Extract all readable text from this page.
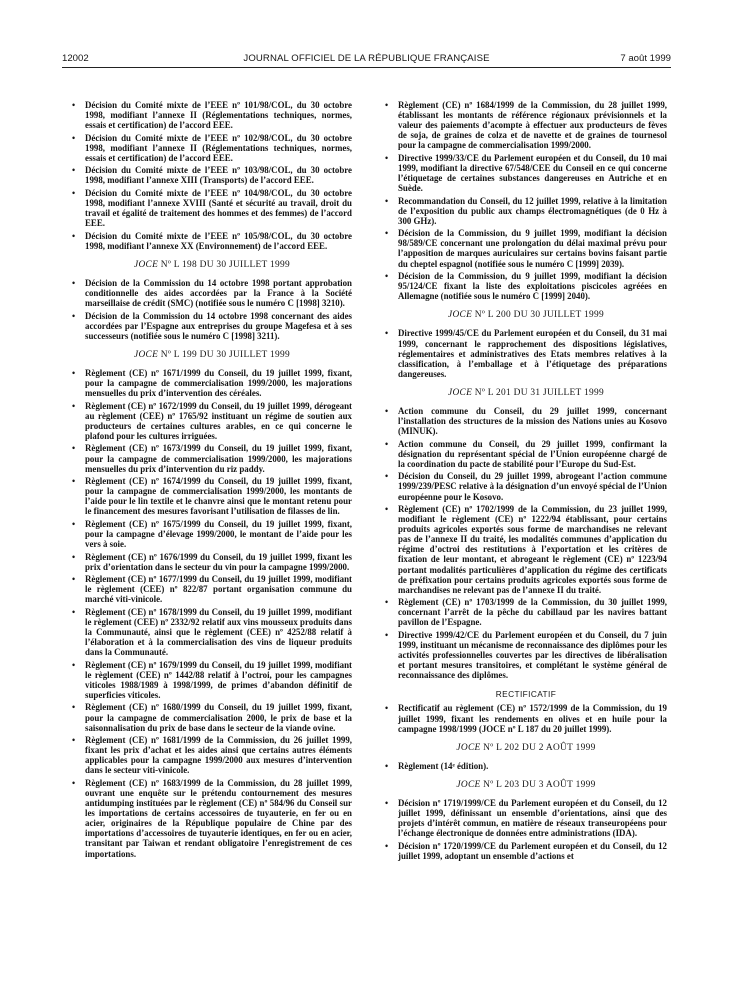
12002	JOURNAL OFFICIEL DE LA RÉPUBLIQUE FRANÇAISE	7 août 1999
• Décision du Comité mixte de l’EEE nº 101/98/COL, du 30 octobre 1998, modifiant l’annexe II (Réglementations techniques, normes, essais et certification) de l’accord EEE.
• Décision du Comité mixte de l’EEE nº 102/98/COL, du 30 octobre 1998, modifiant l’annexe II (Réglementations techniques, normes, essais et certification) de l’accord EEE.
• Décision du Comité mixte de l’EEE nº 103/98/COL, du 30 octobre 1998, modifiant l’annexe XIII (Transports) de l’accord EEE.
• Décision du Comité mixte de l’EEE nº 104/98/COL, du 30 octobre 1998, modifiant l’annexe XVIII (Santé et sécurité au travail, droit du travail et égalité de traitement des hommes et des femmes) de l’accord EEE.
• Décision du Comité mixte de l’EEE nº 105/98/COL, du 30 octobre 1998, modifiant l’annexe XX (Environnement) de l’accord EEE.
JOCE Nº L 198 DU 30 JUILLET 1999
• Décision de la Commission du 14 octobre 1998 portant approbation conditionnelle des aides accordées par la France à la Société marseillaise de crédit (SMC) (notifiée sous le numéro C [1998] 3210).
• Décision de la Commission du 14 octobre 1998 concernant des aides accordées par l’Espagne aux entreprises du groupe Magefesa et à ses successeurs (notifiée sous le numéro C [1998] 3211).
JOCE Nº L 199 DU 30 JUILLET 1999
• Règlement (CE) nº 1671/1999 du Conseil, du 19 juillet 1999, fixant, pour la campagne de commercialisation 1999/2000, les majorations mensuelles du prix d’intervention des céréales.
• Règlement (CE) nº 1672/1999 du Conseil, du 19 juillet 1999, dérogeant au règlement (CEE) nº 1765/92 instituant un régime de soutien aux producteurs de certaines cultures arables, en ce qui concerne le plafond pour les cultures irriguées.
• Règlement (CE) nº 1673/1999 du Conseil, du 19 juillet 1999, fixant, pour la campagne de commercialisation 1999/2000, les majorations mensuelles du prix d’intervention du riz paddy.
• Règlement (CE) nº 1674/1999 du Conseil, du 19 juillet 1999, fixant, pour la campagne de commercialisation 1999/2000, les montants de l’aide pour le lin textile et le chanvre ainsi que le montant retenu pour le financement des mesures favorisant l’utilisation de filasses de lin.
• Règlement (CE) nº 1675/1999 du Conseil, du 19 juillet 1999, fixant, pour la campagne d’élevage 1999/2000, le montant de l’aide pour les vers à soie.
• Règlement (CE) nº 1676/1999 du Conseil, du 19 juillet 1999, fixant les prix d’orientation dans le secteur du vin pour la campagne 1999/2000.
• Règlement (CE) nº 1677/1999 du Conseil, du 19 juillet 1999, modifiant le règlement (CEE) nº 822/87 portant organisation commune du marché viti-vinicole.
• Règlement (CE) nº 1678/1999 du Conseil, du 19 juillet 1999, modifiant le règlement (CEE) nº 2332/92 relatif aux vins mousseux produits dans la Communauté, ainsi que le règlement (CEE) nº 4252/88 relatif à l’élaboration et à la commercialisation des vins de liqueur produits dans la Communauté.
• Règlement (CE) nº 1679/1999 du Conseil, du 19 juillet 1999, modifiant le règlement (CEE) nº 1442/88 relatif à l’octroi, pour les campagnes viticoles 1988/1989 à 1998/1999, de primes d’abandon définitif de superficies viticoles.
• Règlement (CE) nº 1680/1999 du Conseil, du 19 juillet 1999, fixant, pour la campagne de commercialisation 2000, le prix de base et la saisonnalisation du prix de base dans le secteur de la viande ovine.
• Règlement (CE) nº 1681/1999 de la Commission, du 26 juillet 1999, fixant les prix d’achat et les aides ainsi que certains autres éléments applicables pour la campagne 1999/2000 aux mesures d’intervention dans le secteur viti-vinicole.
• Règlement (CE) nº 1683/1999 de la Commission, du 28 juillet 1999, ouvrant une enquête sur le prétendu contournement des mesures antidumping instituées par le règlement (CE) nº 584/96 du Conseil sur les importations de certains accessoires de tuyauterie, en fer ou en acier, originaires de la République populaire de Chine par des importations d’accessoires de tuyauterie identiques, en fer ou en acier, transitant par Taiwan et rendant obligatoire l’enregistrement de ces importations.
• Règlement (CE) nº 1684/1999 de la Commission, du 28 juillet 1999, établissant les montants de référence régionaux prévisionnels et la valeur des paiements d’acompte à effectuer aux producteurs de fèves de soja, de graines de colza et de navette et de graines de tournesol pour la campagne de commercialisation 1999/2000.
• Directive 1999/33/CE du Parlement européen et du Conseil, du 10 mai 1999, modifiant la directive 67/548/CEE du Conseil en ce qui concerne l’étiquetage de certaines substances dangereuses en Autriche et en Suède.
• Recommandation du Conseil, du 12 juillet 1999, relative à la limitation de l’exposition du public aux champs électromagnétiques (de 0 Hz à 300 GHz).
• Décision de la Commission, du 9 juillet 1999, modifiant la décision 98/589/CE concernant une prolongation du délai maximal prévu pour l’apposition de marques auriculaires sur certains bovins faisant partie du cheptel espagnol (notifiée sous le numéro C [1999] 2039).
• Décision de la Commission, du 9 juillet 1999, modifiant la décision 95/124/CE fixant la liste des exploitations piscicoles agréées en Allemagne (notifiée sous le numéro C [1999] 2040).
JOCE Nº L 200 DU 30 JUILLET 1999
• Directive 1999/45/CE du Parlement européen et du Conseil, du 31 mai 1999, concernant le rapprochement des dispositions législatives, réglementaires et administratives des Etats membres relatives à la classification, à l’emballage et à l’étiquetage des préparations dangereuses.
JOCE Nº L 201 DU 31 JUILLET 1999
• Action commune du Conseil, du 29 juillet 1999, concernant l’installation des structures de la mission des Nations unies au Kosovo (MINUK).
• Action commune du Conseil, du 29 juillet 1999, confirmant la désignation du représentant spécial de l’Union européenne chargé de la coordination du pacte de stabilité pour l’Europe du Sud-Est.
• Décision du Conseil, du 29 juillet 1999, abrogeant l’action commune 1999/239/PESC relative à la désignation d’un envoyé spécial de l’Union européenne pour le Kosovo.
• Règlement (CE) nº 1702/1999 de la Commission, du 23 juillet 1999, modifiant le règlement (CE) nº 1222/94 établissant, pour certains produits agricoles exportés sous forme de marchandises ne relevant pas de l’annexe II du traité, les modalités communes d’application du régime d’octroi des restitutions à l’exportation et les critères de fixation de leur montant, et abrogeant le règlement (CE) nº 1223/94 portant modalités particulières d’application du régime des certificats de préfixation pour certains produits agricoles exportés sous forme de marchandises ne relevant pas de l’annexe II du traité.
• Règlement (CE) nº 1703/1999 de la Commission, du 30 juillet 1999, concernant l’arrêt de la pêche du cabillaud par les navires battant pavillon de l’Espagne.
• Directive 1999/42/CE du Parlement européen et du Conseil, du 7 juin 1999, instituant un mécanisme de reconnaissance des diplômes pour les activités professionnelles couvertes par les directives de libéralisation et portant mesures transitoires, et complétant le système général de reconnaissance des diplômes.
RECTIFICATIF
• Rectificatif au règlement (CE) nº 1572/1999 de la Commission, du 19 juillet 1999, fixant les rendements en olives et en huile pour la campagne 1998/1999 (JOCE nº L 187 du 20 juillet 1999).
JOCE Nº L 202 DU 2 AOÛT 1999
• Règlement (14ᵉ édition).
JOCE Nº L 203 DU 3 AOÛT 1999
• Décision nº 1719/1999/CE du Parlement européen et du Conseil, du 12 juillet 1999, définissant un ensemble d’orientations, ainsi que des projets d’intérêt commun, en matière de réseaux transeuropéens pour l’échange électronique de données entre administrations (IDA).
• Décision nº 1720/1999/CE du Parlement européen et du Conseil, du 12 juillet 1999, adoptant un ensemble d’actions et
